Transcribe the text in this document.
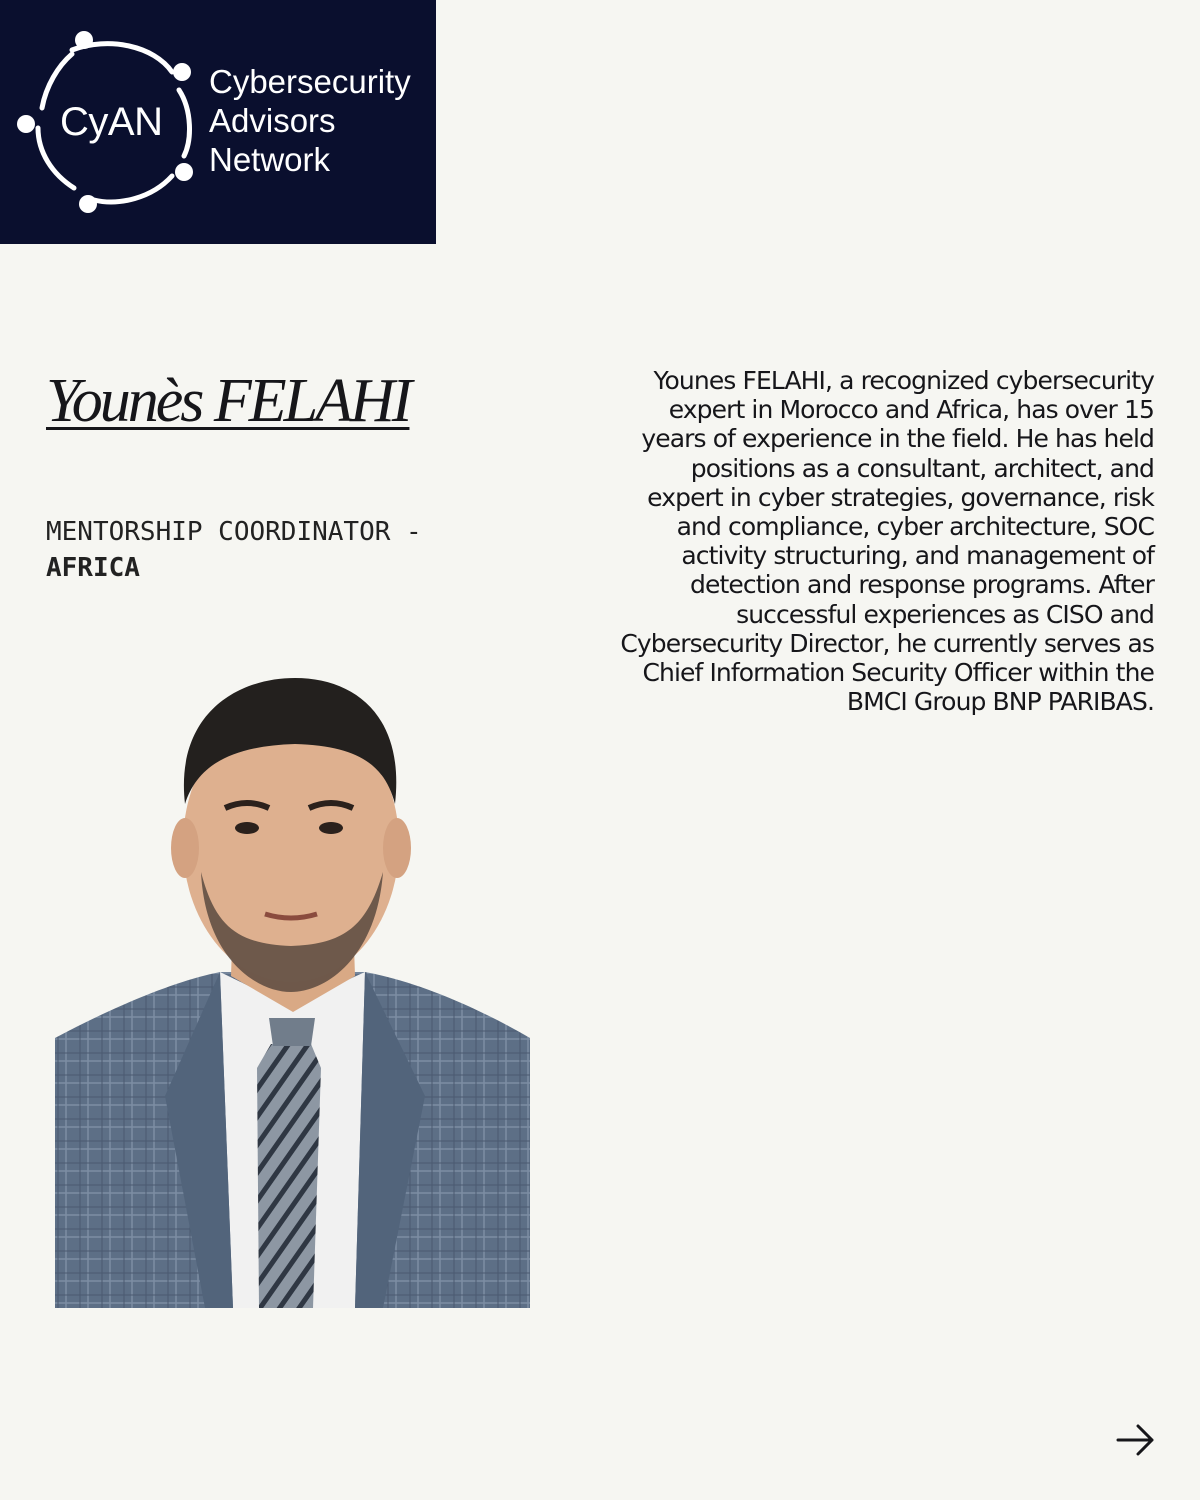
CyAN
Cybersecurity
Advisors
Network
Younès FELAHI
MENTORSHIP COORDINATOR -
AFRICA

Younes FELAHI, a recognized cybersecurity expert in Morocco and Africa, has over 15 years of experience in the field. He has held positions as a consultant, architect, and expert in cyber strategies, governance, risk and compliance, cyber architecture, SOC activity structuring, and management of detection and response programs. After successful experiences as CISO and Cybersecurity Director, he currently serves as Chief Information Security Officer within the BMCI Group BNP PARIBAS.
